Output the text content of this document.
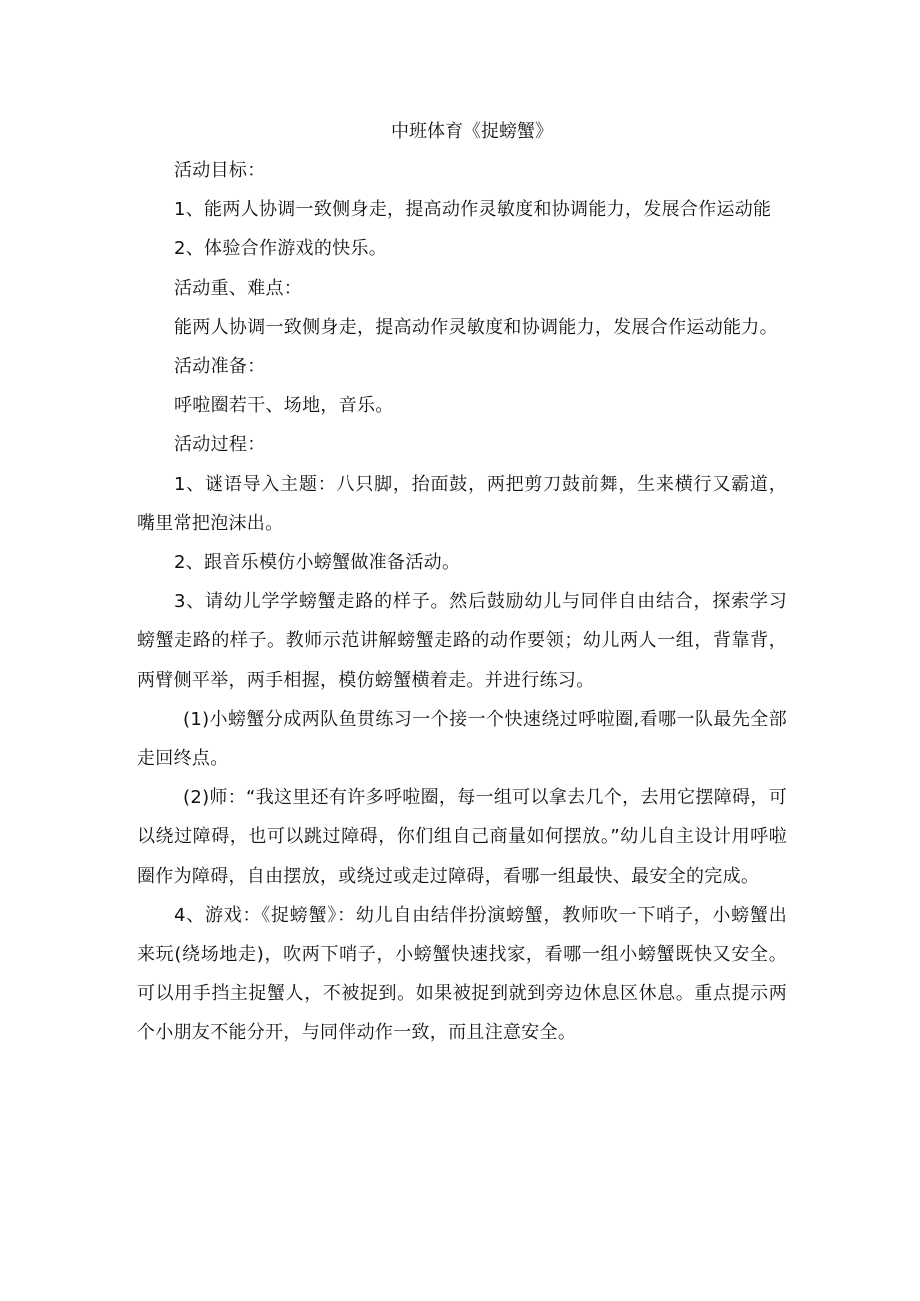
中班体育《捉螃蟹》

活动目标：

1、能两人协调一致侧身走，提高动作灵敏度和协调能力，发展合作运动能

2、体验合作游戏的快乐。

活动重、难点：

能两人协调一致侧身走，提高动作灵敏度和协调能力，发展合作运动能力。

活动准备：

呼啦圈若干、场地，音乐。

活动过程：

1、谜语导入主题：八只脚，抬面鼓，两把剪刀鼓前舞，生来横行又霸道，嘴里常把泡沫出。

2、跟音乐模仿小螃蟹做准备活动。

3、请幼儿学学螃蟹走路的样子。然后鼓励幼儿与同伴自由结合，探索学习螃蟹走路的样子。教师示范讲解螃蟹走路的动作要领；幼儿两人一组，背靠背，两臂侧平举，两手相握，模仿螃蟹横着走。并进行练习。

(1)小螃蟹分成两队鱼贯练习一个接一个快速绕过呼啦圈,看哪一队最先全部走回终点。

(2)师：“我这里还有许多呼啦圈，每一组可以拿去几个，去用它摆障碍，可以绕过障碍，也可以跳过障碍，你们组自己商量如何摆放。”幼儿自主设计用呼啦圈作为障碍，自由摆放，或绕过或走过障碍，看哪一组最快、最安全的完成。

4、游戏：《捉螃蟹》：幼儿自由结伴扮演螃蟹，教师吹一下哨子，小螃蟹出来玩(绕场地走)，吹两下哨子，小螃蟹快速找家，看哪一组小螃蟹既快又安全。可以用手挡主捉蟹人，不被捉到。如果被捉到就到旁边休息区休息。重点提示两个小朋友不能分开，与同伴动作一致，而且注意安全。
